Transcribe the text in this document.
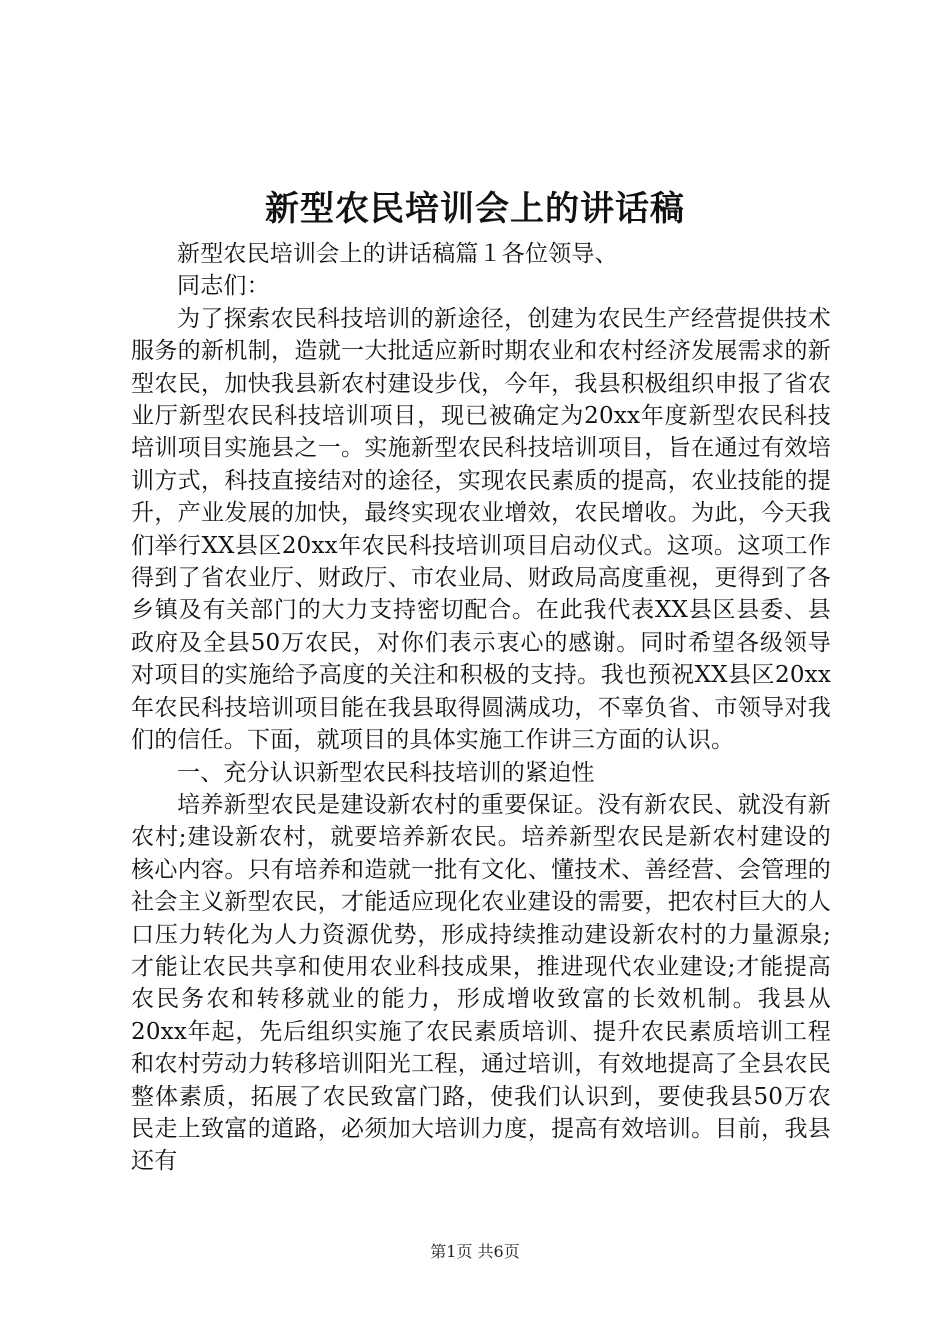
新型农民培训会上的讲话稿

新型农民培训会上的讲话稿篇１各位领导、

同志们：

为了探索农民科技培训的新途径，创建为农民生产经营提供技术服务的新机制，造就一大批适应新时期农业和农村经济发展需求的新型农民，加快我县新农村建设步伐，今年，我县积极组织申报了省农业厅新型农民科技培训项目，现已被确定为20xx年度新型农民科技培训项目实施县之一。实施新型农民科技培训项目，旨在通过有效培训方式，科技直接结对的途径，实现农民素质的提高，农业技能的提升，产业发展的加快，最终实现农业增效，农民增收。为此，今天我们举行XX县区20xx年农民科技培训项目启动仪式。这项。这项工作得到了省农业厅、财政厅、市农业局、财政局高度重视，更得到了各乡镇及有关部门的大力支持密切配合。在此我代表XX县区县委、县政府及全县50万农民，对你们表示衷心的感谢。同时希望各级领导对项目的实施给予高度的关注和积极的支持。我也预祝XX县区20xx年农民科技培训项目能在我县取得圆满成功，不辜负省、市领导对我们的信任。下面，就项目的具体实施工作讲三方面的认识。

一、充分认识新型农民科技培训的紧迫性

培养新型农民是建设新农村的重要保证。没有新农民、就没有新农村;建设新农村，就要培养新农民。培养新型农民是新农村建设的核心内容。只有培养和造就一批有文化、懂技术、善经营、会管理的社会主义新型农民，才能适应现化农业建设的需要，把农村巨大的人口压力转化为人力资源优势，形成持续推动建设新农村的力量源泉;才能让农民共享和使用农业科技成果，推进现代农业建设;才能提高农民务农和转移就业的能力，形成增收致富的长效机制。我县从20xx年起，先后组织实施了农民素质培训、提升农民素质培训工程和农村劳动力转移培训阳光工程，通过培训，有效地提高了全县农民整体素质，拓展了农民致富门路，使我们认识到，要使我县50万农民走上致富的道路，必须加大培训力度，提高有效培训。目前，我县还有

第1页 共6页
